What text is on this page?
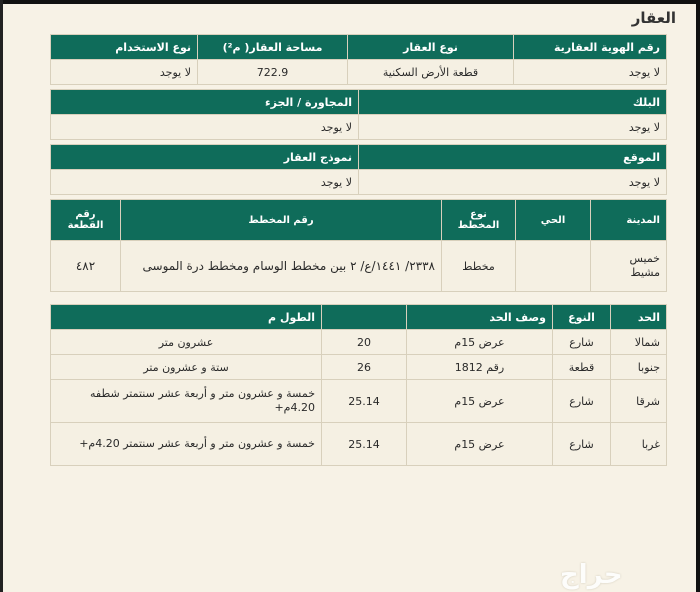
العقار
رقم الهوية العقارية	نوع العقار	مساحة العقار( م²)	نوع الاستخدام
لا يوجد	قطعة الأرض السكنية	722.9	لا يوجد
البلك	المجاورة / الجزء
لا يوجد	لا يوجد
الموقع	نموذج العقار
لا يوجد	لا يوجد
المدينة	الحي	نوع المخطط	رقم المخطط	رقم القطعة
خميس مشيط		مخطط	٢٣٣٨/ ١٤٤١/ع/ ٢ بين مخطط الوسام ومخطط درة الموسى	٤٨٢
الحد	النوع	وصف الحد		الطول م
شمالا	شارع	عرض 15م	20	عشرون متر
جنوبا	قطعة	رقم 1812	26	ستة و عشرون متر
شرقا	شارع	عرض 15م	25.14	خمسة و عشرون متر و أربعة عشر سنتمتر شطفه 4.20م+
غربا	شارع	عرض 15م	25.14	خمسة و عشرون متر و أربعة عشر سنتمتر 4.20م+
حراج
